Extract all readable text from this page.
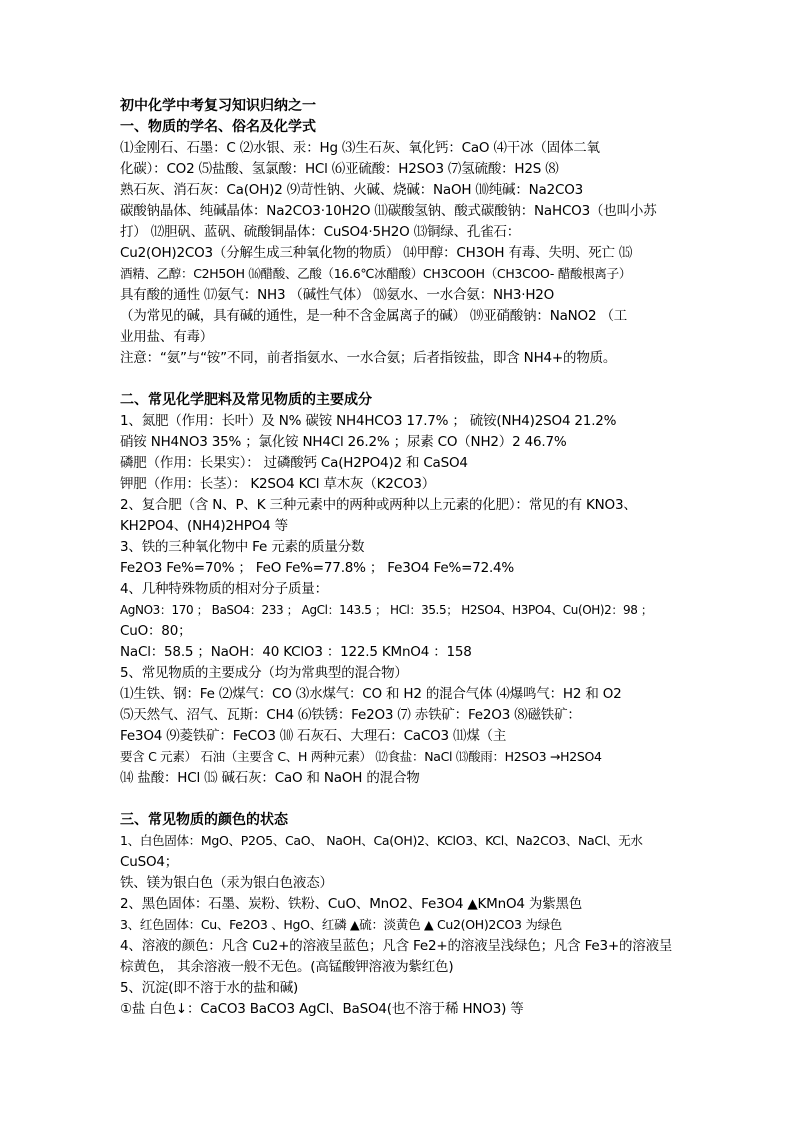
初中化学中考复习知识归纳之一
一、物质的学名、俗名及化学式
⑴金刚石、石墨：C ⑵水银、汞：Hg ⑶生石灰、氧化钙：CaO ⑷干冰（固体二氧
化碳）：CO2 ⑸盐酸、氢氯酸：HCl ⑹亚硫酸：H2SO3 ⑺氢硫酸：H2S ⑻
熟石灰、消石灰：Ca(OH)2 ⑼苛性钠、火碱、烧碱：NaOH ⑽纯碱：Na2CO3
碳酸钠晶体、纯碱晶体：Na2CO3·10H2O ⑾碳酸氢钠、酸式碳酸钠：NaHCO3（也叫小苏
打） ⑿胆矾、蓝矾、硫酸铜晶体：CuSO4·5H2O ⒀铜绿、孔雀石：
Cu2(OH)2CO3（分解生成三种氧化物的物质） ⒁甲醇：CH3OH 有毒、失明、死亡 ⒂
酒精、乙醇：C2H5OH ⒃醋酸、乙酸（16.6℃冰醋酸）CH3COOH（CH3COO- 醋酸根离子）
具有酸的通性 ⒄氨气：NH3 （碱性气体） ⒅氨水、一水合氨：NH3·H2O
（为常见的碱，具有碱的通性，是一种不含金属离子的碱） ⒆亚硝酸钠：NaNO2 （工
业用盐、有毒）
注意：“氨”与“铵”不同，前者指氨水、一水合氨；后者指铵盐，即含 NH4+的物质。
二、常见化学肥料及常见物质的主要成分
1、氮肥（作用：长叶）及 N% 碳铵 NH4HCO3 17.7% ； 硫铵(NH4)2SO4 21.2%
硝铵 NH4NO3 35% ；氯化铵 NH4Cl 26.2% ；尿素 CO（NH2）2 46.7%
磷肥（作用：长果实）： 过磷酸钙 Ca(H2PO4)2 和 CaSO4
钾肥（作用：长茎）： K2SO4 KCl 草木灰（K2CO3）
2、复合肥（含 N、P、K 三种元素中的两种或两种以上元素的化肥）：常见的有 KNO3、
KH2PO4、(NH4)2HPO4 等
3、铁的三种氧化物中 Fe 元素的质量分数
Fe2O3 Fe%=70% ； FeO Fe%=77.8% ； Fe3O4 Fe%=72.4%
4、几种特殊物质的相对分子质量：
AgNO3：170 ； BaSO4：233 ； AgCl：143.5 ； HCl：35.5； H2SO4、H3PO4、Cu(OH)2：98 ；
CuO：80；
NaCl：58.5 ；NaOH：40 KClO3 ：122.5 KMnO4 ：158
5、常见物质的主要成分（均为常典型的混合物）
⑴生铁、钢：Fe ⑵煤气：CO ⑶水煤气：CO 和 H2 的混合气体 ⑷爆鸣气：H2 和 O2
⑸天然气、沼气、瓦斯：CH4 ⑹铁锈：Fe2O3 ⑺ 赤铁矿：Fe2O3 ⑻磁铁矿：
Fe3O4 ⑼菱铁矿：FeCO3 ⑽ 石灰石、大理石：CaCO3 ⑾煤（主
要含 C 元素） 石油（主要含 C、H 两种元素） ⑿食盐：NaCl ⒀酸雨：H2SO3 →H2SO4
⒁ 盐酸：HCl ⒂ 碱石灰：CaO 和 NaOH 的混合物
三、常见物质的颜色的状态
1、白色固体：MgO、P2O5、CaO、 NaOH、Ca(OH)2、KClO3、KCl、Na2CO3、NaCl、无水
CuSO4；
铁、镁为银白色（汞为银白色液态）
2、黑色固体：石墨、炭粉、铁粉、CuO、MnO2、Fe3O4 ▲KMnO4 为紫黑色
3、红色固体：Cu、Fe2O3 、HgO、红磷 ▲硫：淡黄色 ▲ Cu2(OH)2CO3 为绿色
4、溶液的颜色：凡含 Cu2+的溶液呈蓝色；凡含 Fe2+的溶液呈浅绿色；凡含 Fe3+的溶液呈
棕黄色， 其余溶液一般不无色。(高锰酸钾溶液为紫红色)
5、沉淀(即不溶于水的盐和碱)
①盐 白色↓：CaCO3 BaCO3 AgCl、BaSO4(也不溶于稀 HNO3) 等
